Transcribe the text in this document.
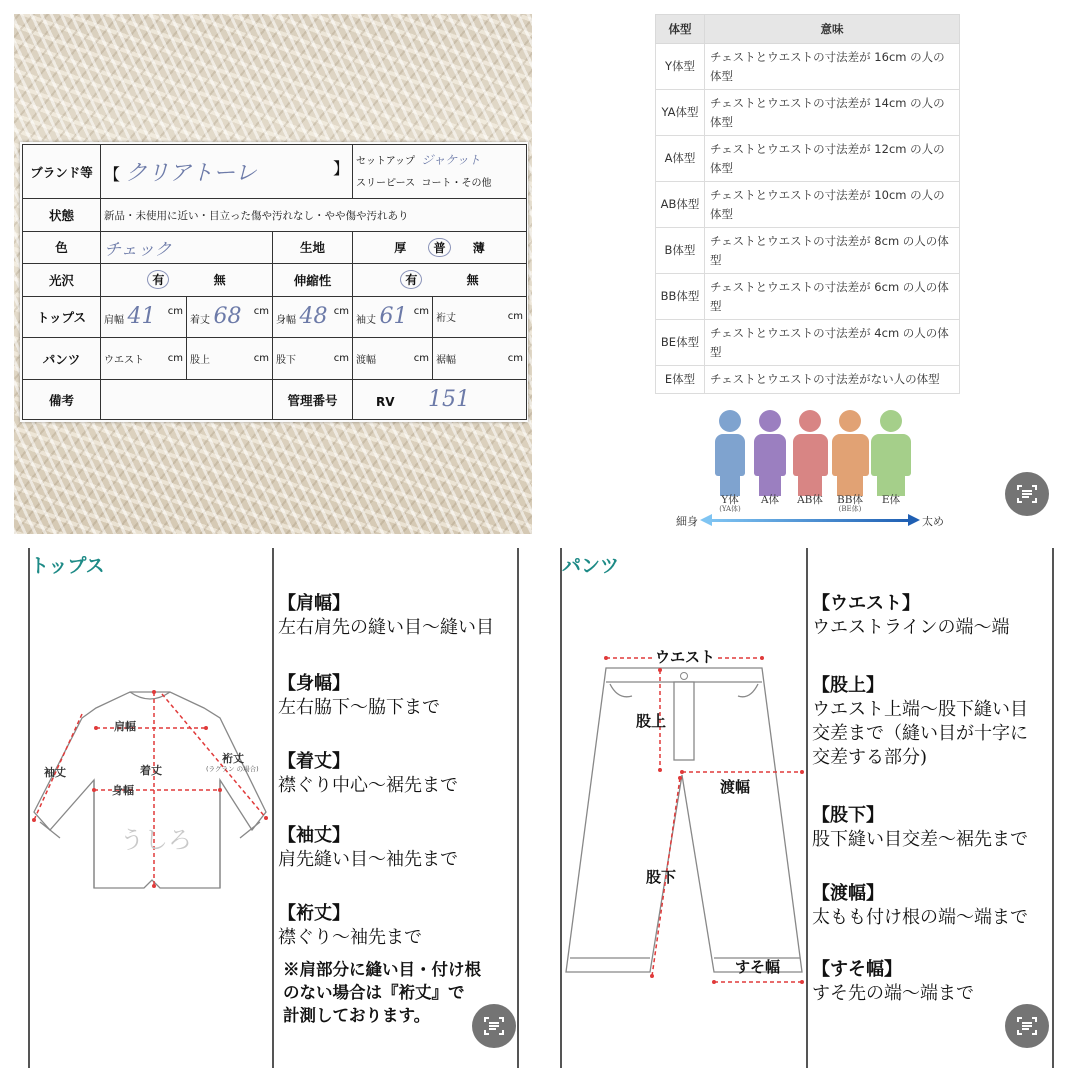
ブランド等	【 クリアトーレ 】			セットアップ ジャケット
スリーピース コート・その他	
状態	新品・未使用に近い・目立った傷や汚れなし・やや傷や汚れあり				
色	チェック		生地	厚 普 薄	
光沢	有 無		伸縮性	有 無	
トップス	肩幅 41 cm	着丈 68 cm	身幅 48 cm	袖丈 61 cm	裄丈 cm

パンツ	ウエスト cm	股上 cm	股下 cm	渡幅 cm	裾幅 cm

備考			管理番号	RV 151	
体型	意味
Y体型	チェストとウエストの寸法差が 16cm の人の体型
YA体型	チェストとウエストの寸法差が 14cm の人の体型
A体型	チェストとウエストの寸法差が 12cm の人の体型
AB体型	チェストとウエストの寸法差が 10cm の人の体型
B体型	チェストとウエストの寸法差が 8cm の人の体型
BB体型	チェストとウエストの寸法差が 6cm の人の体型
BE体型	チェストとウエストの寸法差が 4cm の人の体型
E体型	チェストとウエストの寸法差がない人の体型
Y体
(YA体)
A体	AB体	BB体
(BE体)
E体
細身	太め
トップス
肩幅
着丈
身幅
袖丈
裄丈
(ラグラン の場合)
うしろ
【肩幅】
左右肩先の縫い目〜縫い目
【身幅】
左右脇下〜脇下まで
【着丈】
襟ぐり中心〜裾先まで
【袖丈】
肩先縫い目〜袖先まで
【裄丈】
襟ぐり〜袖先まで
※肩部分に縫い目・付け根
のない場合は『裄丈』で
計測しております。
パンツ
ウエスト
股上
渡幅
股下
すそ幅
【ウエスト】
ウエストラインの端〜端
【股上】
ウエスト上端〜股下縫い目
交差まで（縫い目が十字に
交差する部分)
【股下】
股下縫い目交差〜裾先まで
【渡幅】
太もも付け根の端〜端まで
【すそ幅】
すそ先の端〜端まで
